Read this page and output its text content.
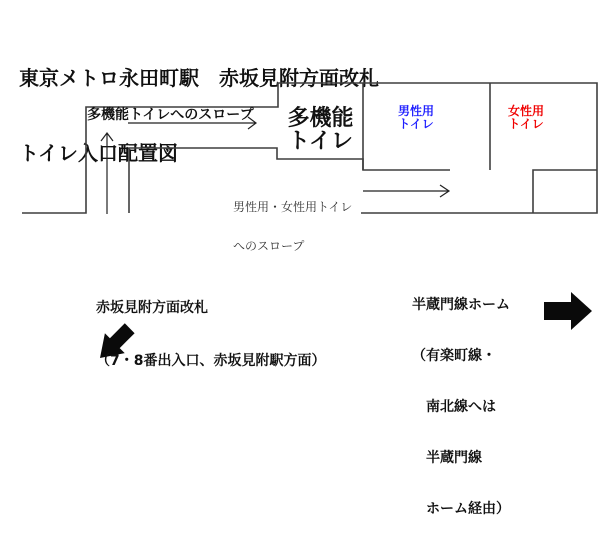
東京メトロ永田町駅　赤坂見附方面改札

トイレ入口配置図

多機能トイレへのスロープ	多機能
トイレ
男性用
トイレ
女性用
トイレ

男性用・女性用トイレ

へのスロープ

赤坂見附方面改札

（7・8番出入口、赤坂見附駅方面）

半蔵門線ホーム

（有楽町線・

　南北線へは

　半蔵門線

　ホーム経由）
